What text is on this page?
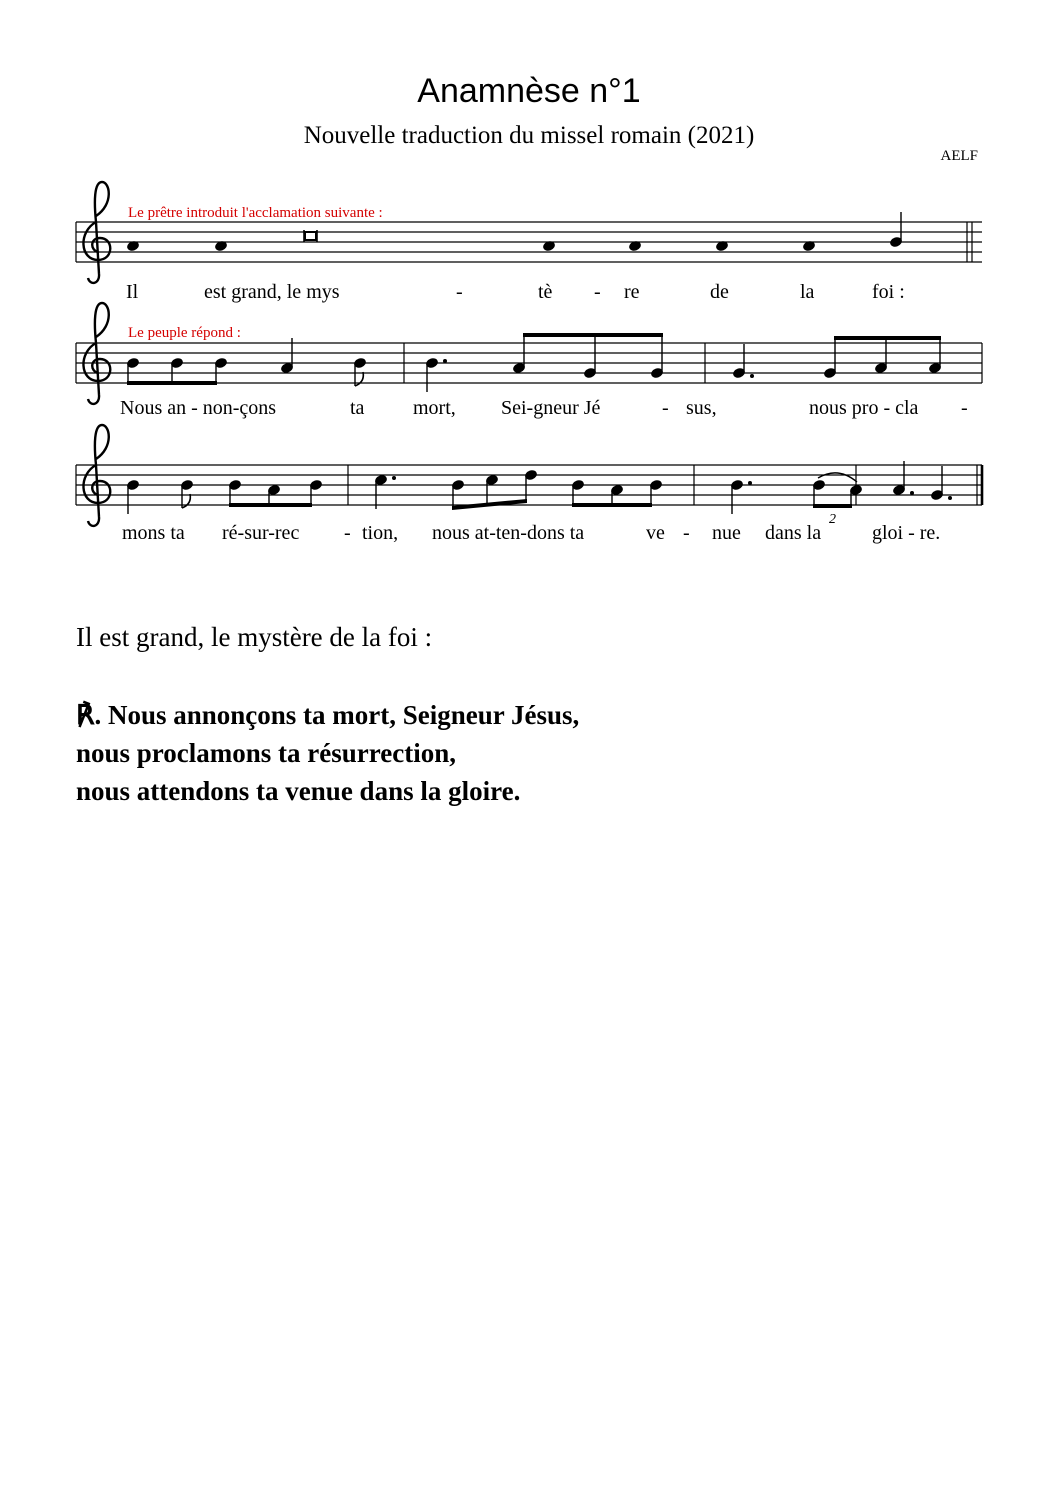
Anamnèse n°1
Nouvelle traduction du missel romain (2021)
AELF
Le prêtre introduit l'acclamation suivante :
Il	est grand, le mys	-	tè - re	de	la	foi :
Le peuple répond :
Nous an - non-çons	ta mort, Sei-gneur Jé	- sus,	nous pro - cla -
2
mons ta ré-sur-rec - tion, nous at-ten-dons ta	ve - nue dans la	gloi - re.
Il est grand, le mystère de la foi :
℟. Nous annonçons ta mort, Seigneur Jésus,
nous proclamons ta résurrection,
nous attendons ta venue dans la gloire.
